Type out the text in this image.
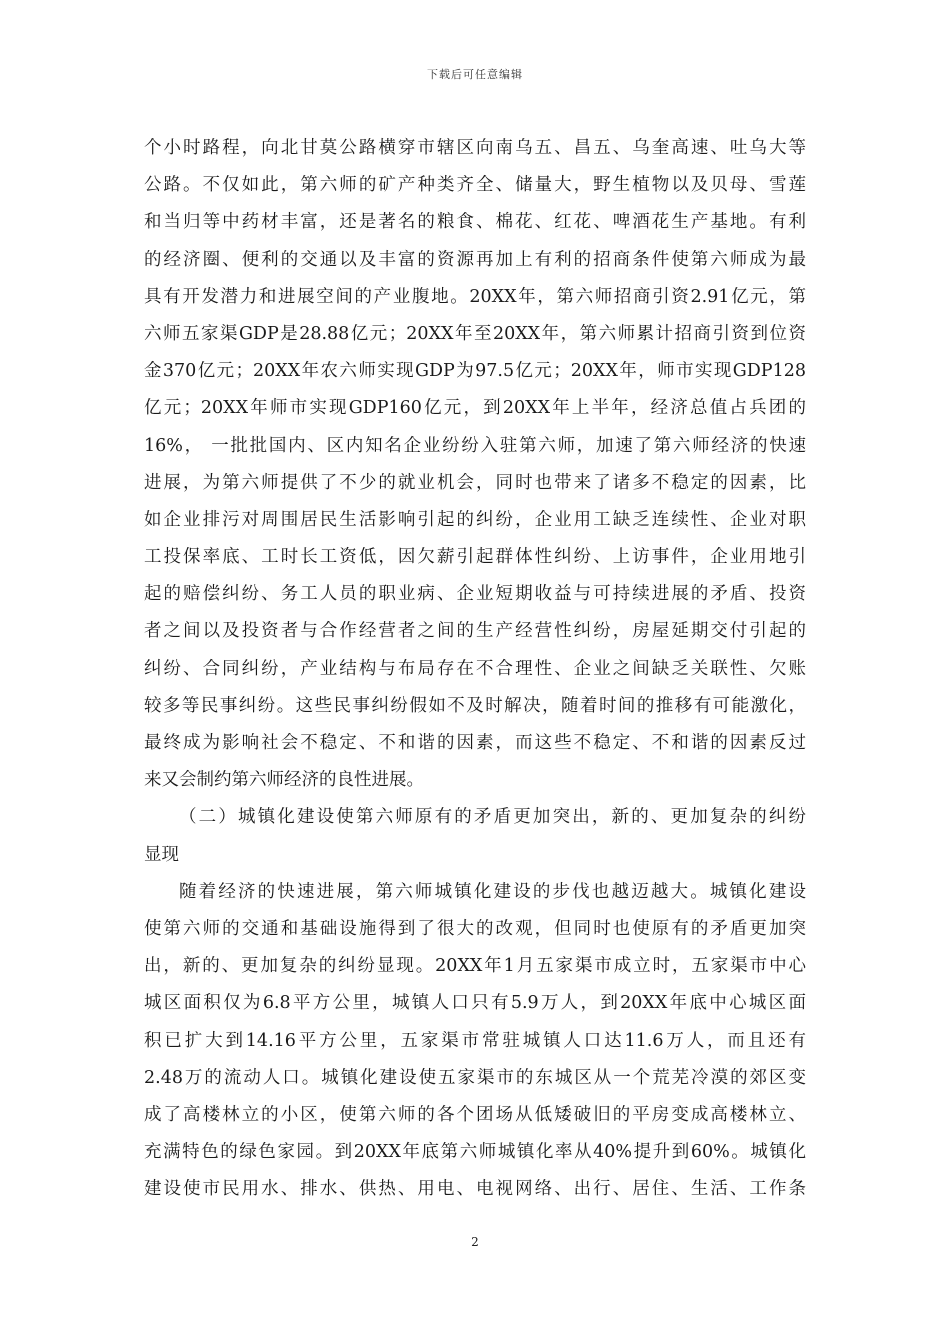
下载后可任意编辑
个小时路程，向北甘莫公路横穿市辖区向南乌五、昌五、乌奎高速、吐乌大等
公路。不仅如此，第六师的矿产种类齐全、储量大，野生植物以及贝母、雪莲
和当归等中药材丰富，还是著名的粮食、棉花、红花、啤酒花生产基地。有利
的经济圈、便利的交通以及丰富的资源再加上有利的招商条件使第六师成为最
具有开发潜力和进展空间的产业腹地。20XX年，第六师招商引资2.91亿元，第
六师五家渠GDP是28.88亿元；20XX年至20XX年，第六师累计招商引资到位资
金370亿元；20XX年农六师实现GDP为97.5亿元；20XX年，师市实现GDP128
亿元；20XX年师市实现GDP160亿元，到20XX年上半年，经济总值占兵团的
16%， 一批批国内、区内知名企业纷纷入驻第六师，加速了第六师经济的快速
进展，为第六师提供了不少的就业机会，同时也带来了诸多不稳定的因素，比
如企业排污对周围居民生活影响引起的纠纷，企业用工缺乏连续性、企业对职
工投保率底、工时长工资低，因欠薪引起群体性纠纷、上访事件，企业用地引
起的赔偿纠纷、务工人员的职业病、企业短期收益与可持续进展的矛盾、投资
者之间以及投资者与合作经营者之间的生产经营性纠纷，房屋延期交付引起的
纠纷、合同纠纷，产业结构与布局存在不合理性、企业之间缺乏关联性、欠账
较多等民事纠纷。这些民事纠纷假如不及时解决，随着时间的推移有可能激化，
最终成为影响社会不稳定、不和谐的因素，而这些不稳定、不和谐的因素反过
来又会制约第六师经济的良性进展。
（二）城镇化建设使第六师原有的矛盾更加突出，新的、更加复杂的纠纷
显现
随着经济的快速进展，第六师城镇化建设的步伐也越迈越大。城镇化建设
使第六师的交通和基础设施得到了很大的改观，但同时也使原有的矛盾更加突
出，新的、更加复杂的纠纷显现。20XX年1月五家渠市成立时，五家渠市中心
城区面积仅为6.8平方公里，城镇人口只有5.9万人，到20XX年底中心城区面
积已扩大到14.16平方公里，五家渠市常驻城镇人口达11.6万人，而且还有
2.48万的流动人口。城镇化建设使五家渠市的东城区从一个荒芜冷漠的郊区变
成了高楼林立的小区，使第六师的各个团场从低矮破旧的平房变成高楼林立、
充满特色的绿色家园。到20XX年底第六师城镇化率从40%提升到60%。城镇化
建设使市民用水、排水、供热、用电、电视网络、出行、居住、生活、工作条
2
